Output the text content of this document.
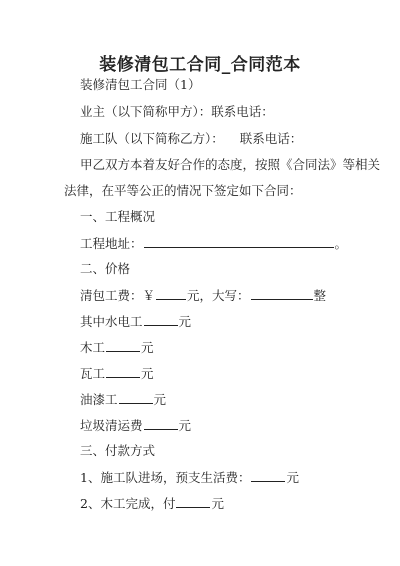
装修清包工合同_合同范本
装修清包工合同（1）
业主（以下简称甲方）：联系电话：
施工队（以下简称乙方）： 联系电话：
甲乙双方本着友好合作的态度，按照《合同法》等相关
法律，在平等公正的情况下签定如下合同：
一、工程概况
工程地址：	。
二、价格
清包工费：￥	元，大写：	整
其中水电工	元
木工	元
瓦工	元
油漆工	元
垃圾清运费	元
三、付款方式
1、施工队进场，预支生活费：	元
2、木工完成，付	元
